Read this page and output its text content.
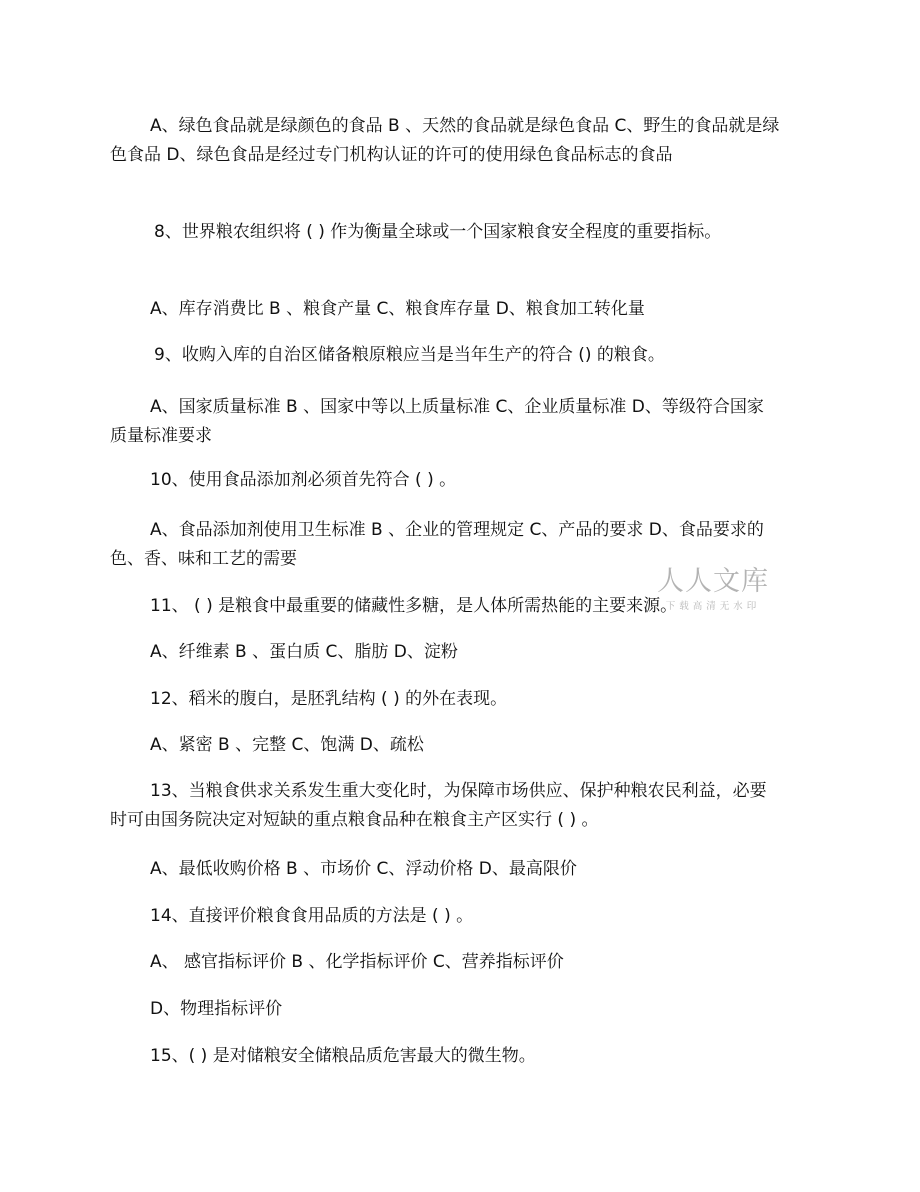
A、绿色食品就是绿颜色的食品 B 、天然的食品就是绿色食品 C、野生的食品就是绿色食品 D、绿色食品是经过专门机构认证的许可的使用绿色食品标志的食品

8、世界粮农组织将 ( ) 作为衡量全球或一个国家粮食安全程度的重要指标。

A、库存消费比 B 、粮食产量 C、粮食库存量 D、粮食加工转化量

9、收购入库的自治区储备粮原粮应当是当年生产的符合 () 的粮食。

A、国家质量标准 B 、国家中等以上质量标准 C、企业质量标准 D、等级符合国家质量标准要求

10、使用食品添加剂必须首先符合 ( ) 。

A、食品添加剂使用卫生标准 B 、企业的管理规定 C、产品的要求 D、食品要求的色、香、味和工艺的需要

11、 ( ) 是粮食中最重要的储藏性多糖，是人体所需热能的主要来源。

A、纤维素 B 、蛋白质 C、脂肪 D、淀粉

12、稻米的腹白，是胚乳结构 ( ) 的外在表现。

A、紧密 B 、完整 C、饱满 D、疏松

13、当粮食供求关系发生重大变化时，为保障市场供应、保护种粮农民利益，必要时可由国务院决定对短缺的重点粮食品种在粮食主产区实行 ( ) 。

A、最低收购价格 B 、市场价 C、浮动价格 D、最高限价

14、直接评价粮食食用品质的方法是 ( ) 。

A、 感官指标评价 B 、化学指标评价 C、营养指标评价

D、物理指标评价

15、( ) 是对储粮安全储粮品质危害最大的微生物。

人人文库
下载高清无水印
